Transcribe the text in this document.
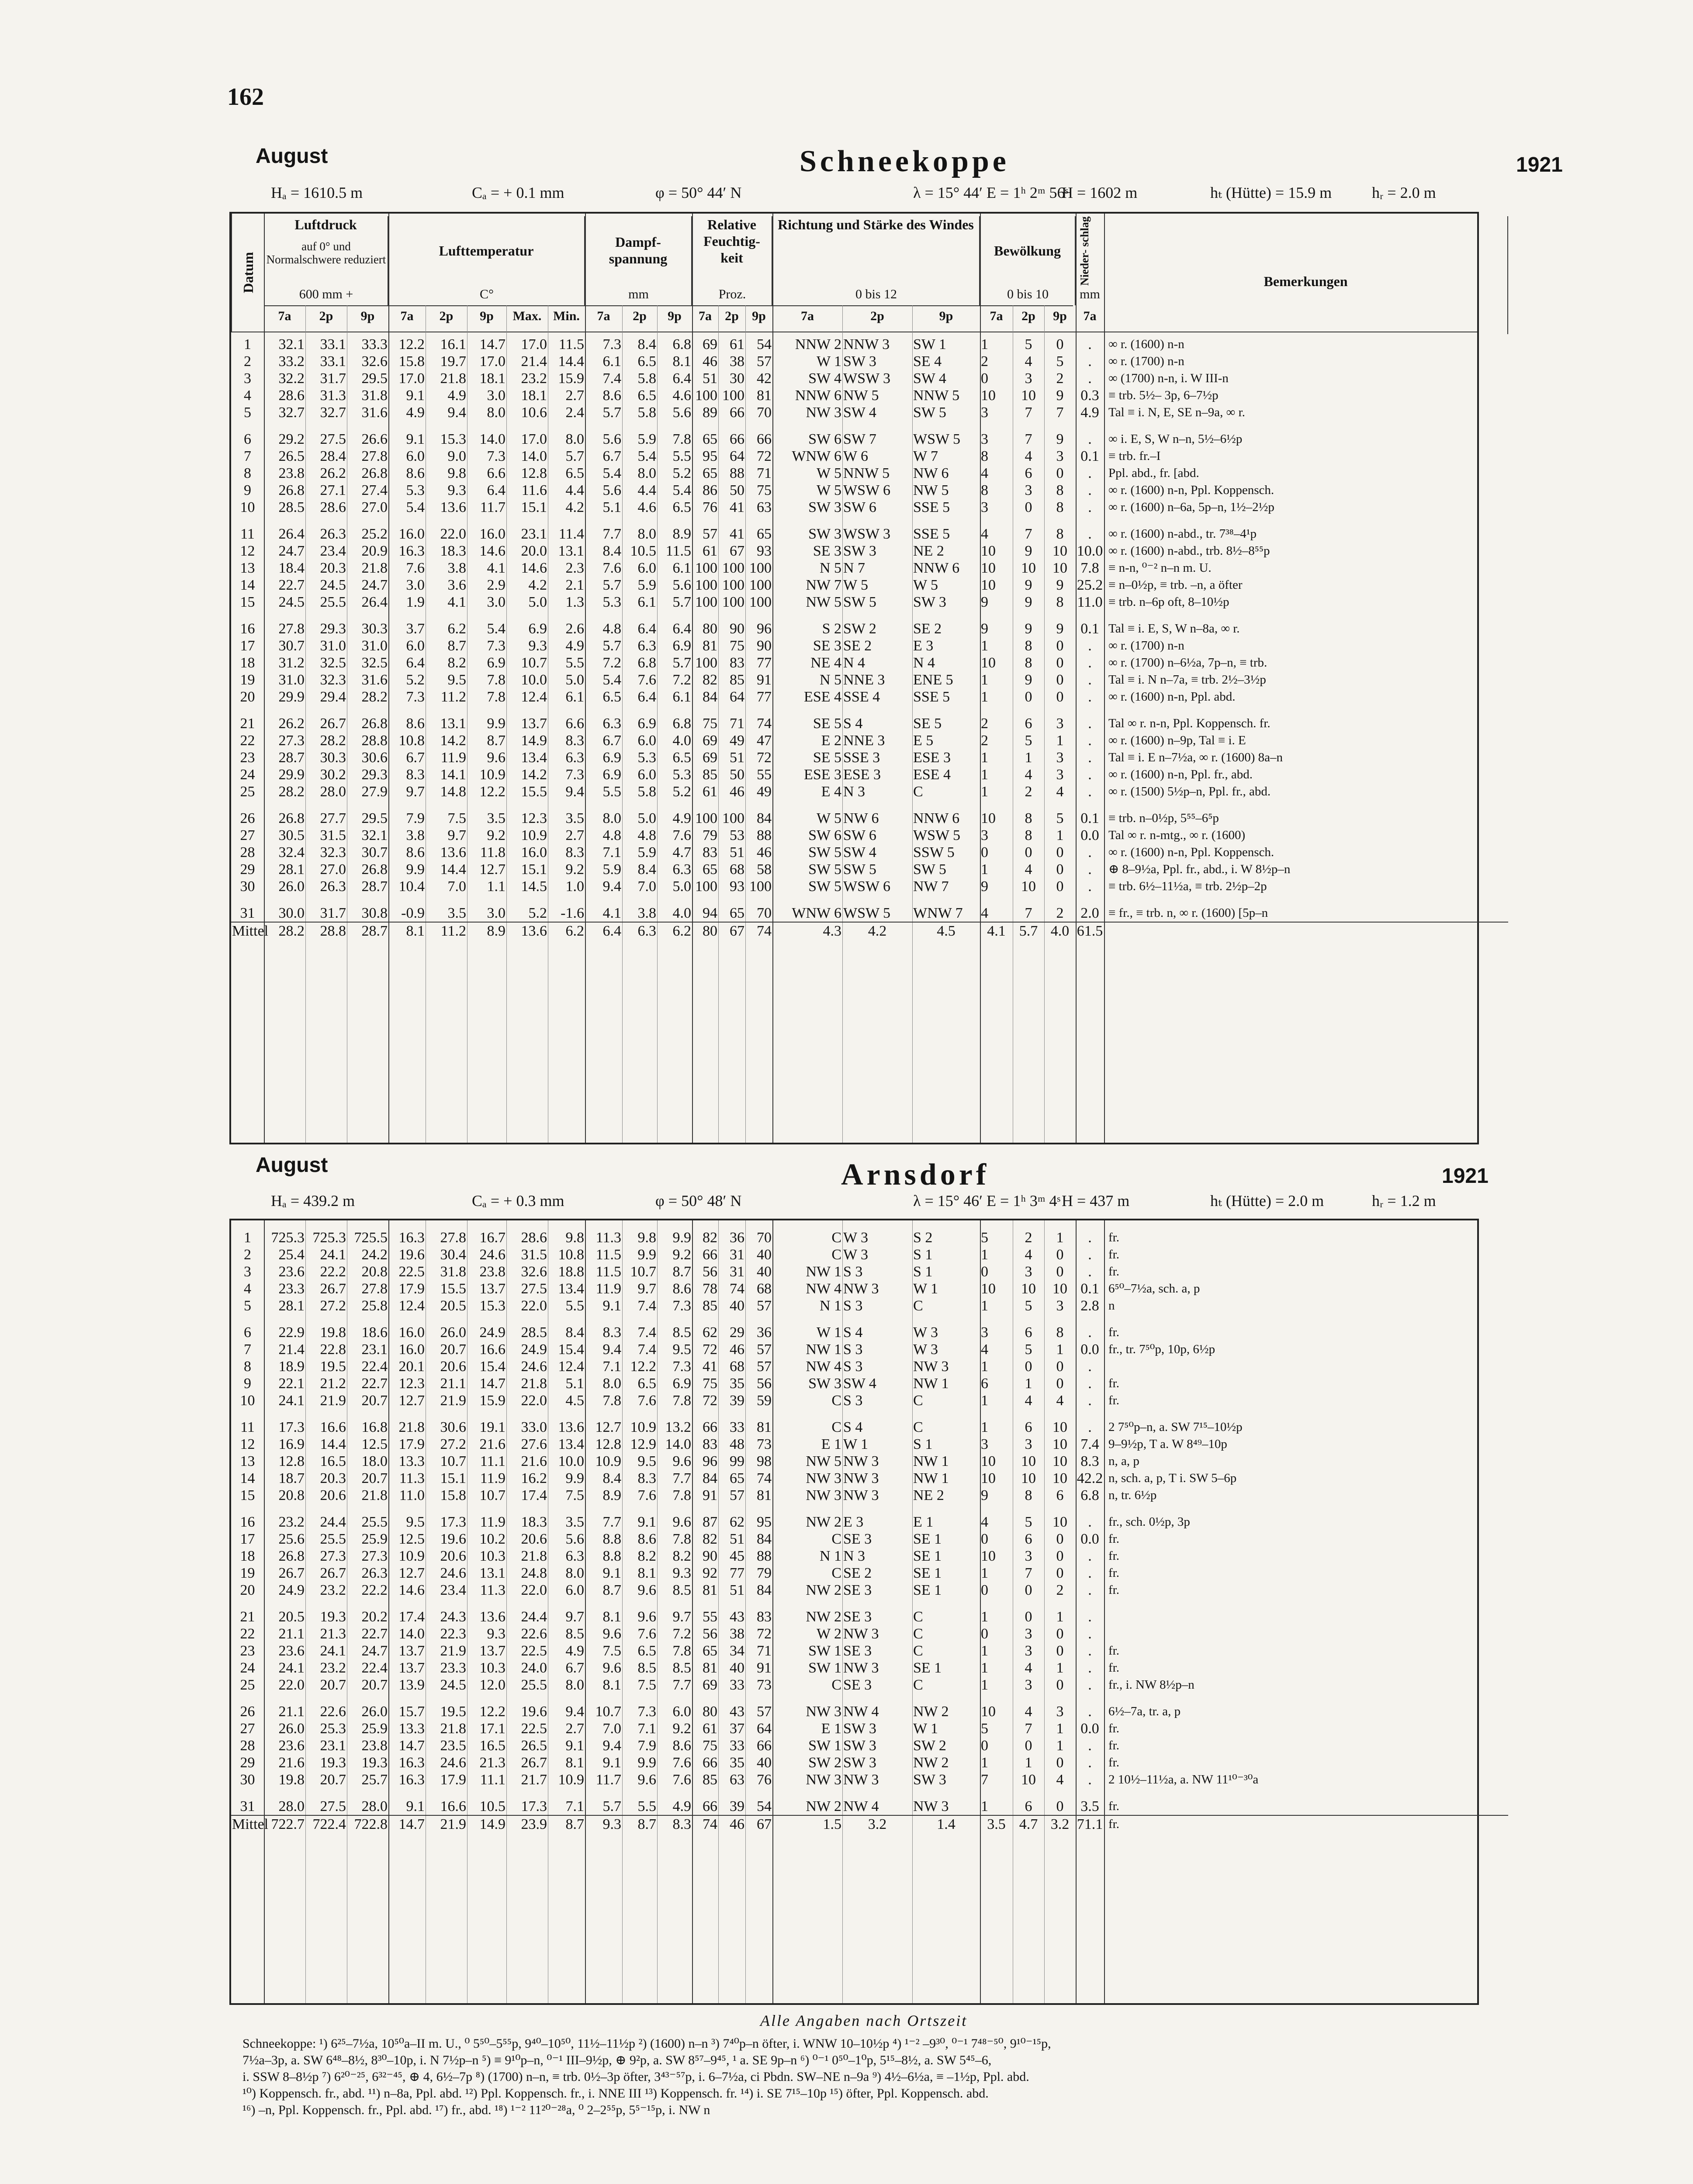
162
August	Schneekoppe	1921
Hₐ = 1610.5 m	Cₐ = + 0.1 mm	φ = 50° 44′ N	λ = 15° 44′ E = 1ʰ 2ᵐ 56ˢ
H = 1602 m	hₜ (Hütte) = 15.9 m	hᵣ = 2.0 m
Datum
Luftdruck
Lufttemperatur
Dampf- spannung
Relative Feuchtig- keit
Richtung und Stärke des Windes
Bewölkung	Nieder- schlag	Bemerkungen
auf 0° und Normalschwere reduziert
600 mm +	C°	mm	Proz.	0 bis 12	0 bis 10	mm
7a	2p	9p	7a	2p	9p	Max. Min.	7a	2p	9p	7a	2p	9p	7a	2p	9p	7a	2p	9p	7a
1	32.1	33.1	33.3	12.2	16.1	14.7	17.0	11.5	7.3	8.4	6.8	69	61	54	NNW 2	NNW 3	SW 1	1	5	0	.	∞ r. (1600) n-n
2	33.2	33.1	32.6	15.8	19.7	17.0	21.4	14.4	6.1	6.5	8.1	46	38	57	W 1	SW 3	SE 4	2	4	5	.	∞ r. (1700) n-n
3	32.2	31.7	29.5	17.0	21.8	18.1	23.2	15.9	7.4	5.8	6.4	51	30	42	SW 4	WSW 3	SW 4	0	3	2	.	∞ (1700) n-n, i. W III-n
4	28.6	31.3	31.8	9.1	4.9	3.0	18.1	2.7	8.6	6.5	4.6	100	100	81	NNW 6	NW 5	NNW 5	10	10	9	0.3	≡ trb. 5½– 3p, 6–7½p
5	32.7	32.7	31.6	4.9	9.4	8.0	10.6	2.4	5.7	5.8	5.6	89	66	70	NW 3	SW 4	SW 5	3	7	7	4.9	Tal ≡ i. N, E, SE n–9a, ∞ r.
6	29.2	27.5	26.6	9.1	15.3	14.0	17.0	8.0	5.6	5.9	7.8	65	66	66	SW 6	SW 7	WSW 5	3	7	9	.	∞ i. E, S, W n–n, 5½–6½p
7	26.5	28.4	27.8	6.0	9.0	7.3	14.0	5.7	6.7	5.4	5.5	95	64	72	WNW 6	W 6	W 7	8	4	3	0.1	≡ trb. fr.–I
8	23.8	26.2	26.8	8.6	9.8	6.6	12.8	6.5	5.4	8.0	5.2	65	88	71	W 5	NNW 5	NW 6	4	6	0	.	Ppl. abd., fr. [abd.
9	26.8	27.1	27.4	5.3	9.3	6.4	11.6	4.4	5.6	4.4	5.4	86	50	75	W 5	WSW 6	NW 5	8	3	8	.	∞ r. (1600) n-n, Ppl. Koppensch.
10	28.5	28.6	27.0	5.4	13.6	11.7	15.1	4.2	5.1	4.6	6.5	76	41	63	SW 3	SW 6	SSE 5	3	0	8	.	∞ r. (1600) n–6a, 5p–n, 1½–2½p
11	26.4	26.3	25.2	16.0	22.0	16.0	23.1	11.4	7.7	8.0	8.9	57	41	65	SW 3	WSW 3	SSE 5	4	7	8	.	∞ r. (1600) n-abd., tr. 7³⁸–4¹p
12	24.7	23.4	20.9	16.3	18.3	14.6	20.0	13.1	8.4	10.5	11.5	61	67	93	SE 3	SW 3	NE 2	10	9	10	10.0	∞ r. (1600) n-abd., trb. 8½–8⁵⁵p
13	18.4	20.3	21.8	7.6	3.8	4.1	14.6	2.3	7.6	6.0	6.1	100	100	100	N 5	N 7	NNW 6	10	10	10	7.8	≡ n-n, ⁰⁻² n–n m. U.
14	22.7	24.5	24.7	3.0	3.6	2.9	4.2	2.1	5.7	5.9	5.6	100	100	100	NW 7	W 5	W 5	10	9	9	25.2	≡ n–0½p, ≡ trb. –n, a öfter
15	24.5	25.5	26.4	1.9	4.1	3.0	5.0	1.3	5.3	6.1	5.7	100	100	100	NW 5	SW 5	SW 3	9	9	8	11.0	≡ trb. n–6p oft, 8–10½p
16	27.8	29.3	30.3	3.7	6.2	5.4	6.9	2.6	4.8	6.4	6.4	80	90	96	S 2	SW 2	SE 2	9	9	9	0.1	Tal ≡ i. E, S, W n–8a, ∞ r.
17	30.7	31.0	31.0	6.0	8.7	7.3	9.3	4.9	5.7	6.3	6.9	81	75	90	SE 3	SE 2	E 3	1	8	0	.	∞ r. (1700) n-n
18	31.2	32.5	32.5	6.4	8.2	6.9	10.7	5.5	7.2	6.8	5.7	100	83	77	NE 4	N 4	N 4	10	8	0	.	∞ r. (1700) n–6½a, 7p–n, ≡ trb.
19	31.0	32.3	31.6	5.2	9.5	7.8	10.0	5.0	5.4	7.6	7.2	82	85	91	N 5	NNE 3	ENE 5	1	9	0	.	Tal ≡ i. N n–7a, ≡ trb. 2½–3½p
20	29.9	29.4	28.2	7.3	11.2	7.8	12.4	6.1	6.5	6.4	6.1	84	64	77	ESE 4	SSE 4	SSE 5	1	0	0	.	∞ r. (1600) n-n, Ppl. abd.
21	26.2	26.7	26.8	8.6	13.1	9.9	13.7	6.6	6.3	6.9	6.8	75	71	74	SE 5	S 4	SE 5	2	6	3	.	Tal ∞ r. n-n, Ppl. Koppensch. fr.
22	27.3	28.2	28.8	10.8	14.2	8.7	14.9	8.3	6.7	6.0	4.0	69	49	47	E 2	NNE 3	E 5	2	5	1	.	∞ r. (1600) n–9p, Tal ≡ i. E
23	28.7	30.3	30.6	6.7	11.9	9.6	13.4	6.3	6.9	5.3	6.5	69	51	72	SE 5	SSE 3	ESE 3	1	1	3	.	Tal ≡ i. E n–7½a, ∞ r. (1600) 8a–n
24	29.9	30.2	29.3	8.3	14.1	10.9	14.2	7.3	6.9	6.0	5.3	85	50	55	ESE 3	ESE 3	ESE 4	1	4	3	.	∞ r. (1600) n-n, Ppl. fr., abd.
25	28.2	28.0	27.9	9.7	14.8	12.2	15.5	9.4	5.5	5.8	5.2	61	46	49	E 4	N 3	C	1	2	4	.	∞ r. (1500) 5½p–n, Ppl. fr., abd.
26	26.8	27.7	29.5	7.9	7.5	3.5	12.3	3.5	8.0	5.0	4.9	100	100	84	W 5	NW 6	NNW 6	10	8	5	0.1	≡ trb. n–0½p, 5⁵⁵–6⁵p
27	30.5	31.5	32.1	3.8	9.7	9.2	10.9	2.7	4.8	4.8	7.6	79	53	88	SW 6	SW 6	WSW 5	3	8	1	0.0	Tal ∞ r. n-mtg., ∞ r. (1600)
28	32.4	32.3	30.7	8.6	13.6	11.8	16.0	8.3	7.1	5.9	4.7	83	51	46	SW 5	SW 4	SSW 5	0	0	0	.	∞ r. (1600) n-n, Ppl. Koppensch.
29	28.1	27.0	26.8	9.9	14.4	12.7	15.1	9.2	5.9	8.4	6.3	65	68	58	SW 5	SW 5	SW 5	1	4	0	.	⊕ 8–9½a, Ppl. fr., abd., i. W 8½p–n
30	26.0	26.3	28.7	10.4	7.0	1.1	14.5	1.0	9.4	7.0	5.0	100	93	100	SW 5	WSW 6	NW 7	9	10	0	.	≡ trb. 6½–11½a, ≡ trb. 2½p–2p
31	30.0	31.7	30.8	-0.9	3.5	3.0	5.2	-1.6	4.1	3.8	4.0	94	65	70	WNW 6	WSW 5	WNW 7	4	7	2	2.0	≡ fr., ≡ trb. n, ∞ r. (1600) [5p–n
Mittel	28.2	28.8	28.7	8.1	11.2	8.9	13.6	6.2	6.4	6.3	6.2	80	67	74	4.3	4.2	4.5	4.1	5.7	4.0	61.5	
August	Arnsdorf	1921
Hₐ = 439.2 m	Cₐ = + 0.3 mm	φ = 50° 48′ N	λ = 15° 46′ E = 1ʰ 3ᵐ 4ˢ H = 437 m	hₜ (Hütte) = 2.0 m	hᵣ = 1.2 m
1	725.3	725.3	725.5	16.3	27.8	16.7	28.6	9.8	11.3	9.8	9.9	82	36	70	C	W 3	S 2	5	2	1	.	fr.
2	25.4	24.1	24.2	19.6	30.4	24.6	31.5	10.8	11.5	9.9	9.2	66	31	40	C	W 3	S 1	1	4	0	.	fr.
3	23.6	22.2	20.8	22.5	31.8	23.8	32.6	18.8	11.5	10.7	8.7	56	31	40	NW 1	S 3	S 1	0	3	0	.	fr.
4	23.3	26.7	27.8	17.9	15.5	13.7	27.5	13.4	11.9	9.7	8.6	78	74	68	NW 4	NW 3	W 1	10	10	10	0.1	6⁵⁰–7½a, sch. a, p
5	28.1	27.2	25.8	12.4	20.5	15.3	22.0	5.5	9.1	7.4	7.3	85	40	57	N 1	S 3	C	1	5	3	2.8	n
6	22.9	19.8	18.6	16.0	26.0	24.9	28.5	8.4	8.3	7.4	8.5	62	29	36	W 1	S 4	W 3	3	6	8	.	fr.
7	21.4	22.8	23.1	16.0	20.7	16.6	24.9	15.4	9.4	7.4	9.5	72	46	57	NW 1	S 3	W 3	4	5	1	0.0	fr., tr. 7⁵⁰p, 10p, 6½p
8	18.9	19.5	22.4	20.1	20.6	15.4	24.6	12.4	7.1	12.2	7.3	41	68	57	NW 4	S 3	NW 3	1	0	0	.	
9	22.1	21.2	22.7	12.3	21.1	14.7	21.8	5.1	8.0	6.5	6.9	75	35	56	SW 3	SW 4	NW 1	6	1	0	.	fr.
10	24.1	21.9	20.7	12.7	21.9	15.9	22.0	4.5	7.8	7.6	7.8	72	39	59	C	S 3	C	1	4	4	.	fr.
11	17.3	16.6	16.8	21.8	30.6	19.1	33.0	13.6	12.7	10.9	13.2	66	33	81	C	S 4	C	1	6	10	.	2 7⁵⁰p–n, a. SW 7¹⁵–10½p
12	16.9	14.4	12.5	17.9	27.2	21.6	27.6	13.4	12.8	12.9	14.0	83	48	73	E 1	W 1	S 1	3	3	10	7.4	9–9½p, T a. W 8⁴⁹–10p
13	12.8	16.5	18.0	13.3	10.7	11.1	21.6	10.0	10.9	9.5	9.6	96	99	98	NW 5	NW 3	NW 1	10	10	10	8.3	n, a, p
14	18.7	20.3	20.7	11.3	15.1	11.9	16.2	9.9	8.4	8.3	7.7	84	65	74	NW 3	NW 3	NW 1	10	10	10	42.2	n, sch. a, p, T i. SW 5–6p
15	20.8	20.6	21.8	11.0	15.8	10.7	17.4	7.5	8.9	7.6	7.8	91	57	81	NW 3	NW 3	NE 2	9	8	6	6.8	n, tr. 6½p
16	23.2	24.4	25.5	9.5	17.3	11.9	18.3	3.5	7.7	9.1	9.6	87	62	95	NW 2	E 3	E 1	4	5	10	.	fr., sch. 0½p, 3p
17	25.6	25.5	25.9	12.5	19.6	10.2	20.6	5.6	8.8	8.6	7.8	82	51	84	C	SE 3	SE 1	0	6	0	0.0	fr.
18	26.8	27.3	27.3	10.9	20.6	10.3	21.8	6.3	8.8	8.2	8.2	90	45	88	N 1	N 3	SE 1	10	3	0	.	fr.
19	26.7	26.7	26.3	12.7	24.6	13.1	24.8	8.0	9.1	8.1	9.3	92	77	79	C	SE 2	SE 1	1	7	0	.	fr.
20	24.9	23.2	22.2	14.6	23.4	11.3	22.0	6.0	8.7	9.6	8.5	81	51	84	NW 2	SE 3	SE 1	0	0	2	.	fr.
21	20.5	19.3	20.2	17.4	24.3	13.6	24.4	9.7	8.1	9.6	9.7	55	43	83	NW 2	SE 3	C	1	0	1	.	
22	21.1	21.3	22.7	14.0	22.3	9.3	22.6	8.5	9.6	7.6	7.2	56	38	72	W 2	NW 3	C	0	3	0	.	
23	23.6	24.1	24.7	13.7	21.9	13.7	22.5	4.9	7.5	6.5	7.8	65	34	71	SW 1	SE 3	C	1	3	0	.	fr.
24	24.1	23.2	22.4	13.7	23.3	10.3	24.0	6.7	9.6	8.5	8.5	81	40	91	SW 1	NW 3	SE 1	1	4	1	.	fr.
25	22.0	20.7	20.7	13.9	24.5	12.0	25.5	8.0	8.1	7.5	7.7	69	33	73	C	SE 3	C	1	3	0	.	fr., i. NW 8½p–n
26	21.1	22.6	26.0	15.7	19.5	12.2	19.6	9.4	10.7	7.3	6.0	80	43	57	NW 3	NW 4	NW 2	10	4	3	.	6½–7a, tr. a, p
27	26.0	25.3	25.9	13.3	21.8	17.1	22.5	2.7	7.0	7.1	9.2	61	37	64	E 1	SW 3	W 1	5	7	1	0.0	fr.
28	23.6	23.1	23.8	14.7	23.5	16.5	26.5	9.1	9.4	7.9	8.6	75	33	66	SW 1	SW 3	SW 2	0	0	1	.	fr.
29	21.6	19.3	19.3	16.3	24.6	21.3	26.7	8.1	9.1	9.9	7.6	66	35	40	SW 2	SW 3	NW 2	1	1	0	.	fr.
30	19.8	20.7	25.7	16.3	17.9	11.1	21.7	10.9	11.7	9.6	7.6	85	63	76	NW 3	NW 3	SW 3	7	10	4	.	2 10½–11½a, a. NW 11¹⁰⁻³⁰a
31	28.0	27.5	28.0	9.1	16.6	10.5	17.3	7.1	5.7	5.5	4.9	66	39	54	NW 2	NW 4	NW 3	1	6	0	3.5	fr.
Mittel	722.7	722.4	722.8	14.7	21.9	14.9	23.9	8.7	9.3	8.7	8.3	74	46	67	1.5	3.2	1.4	3.5	4.7	3.2	71.1	fr.
Alle Angaben nach Ortszeit
Schneekoppe: ¹) 6²⁵–7½a, 10⁵⁰a–II m. U., ⁰ 5⁵⁰–5⁵⁵p, 9⁴⁰–10⁵⁰, 11½–11½p ²) (1600) n–n ³) 7⁴⁰p–n öfter, i. WNW 10–10½p ⁴) ¹⁻² –9³⁰, ⁰⁻¹ 7⁴⁸⁻⁵⁰, 9¹⁰⁻¹⁵p,
7½a–3p, a. SW 6⁴⁸–8½, 8³⁰–10p, i. N 7½p–n ⁵) ≡ 9¹⁰p–n, ⁰⁻¹ III–9½p, ⊕ 9²p, a. SW 8⁵⁷–9⁴⁵, ¹ a. SE 9p–n ⁶) ⁰⁻¹ 0⁵⁰–1⁰p, 5¹⁵–8½, a. SW 5⁴⁵–6,
i. SSW 8–8½p ⁷) 6²⁰⁻²⁵, 6³²⁻⁴⁵, ⊕ 4, 6½–7p ⁸) (1700) n–n, ≡ trb. 0½–3p öfter, 3⁴³⁻⁵⁷p, i. 6–7½a, ci Pbdn. SW–NE n–9a ⁹) 4½–6½a, ≡ –1½p, Ppl. abd.
¹⁰) Koppensch. fr., abd. ¹¹) n–8a, Ppl. abd. ¹²) Ppl. Koppensch. fr., i. NNE III ¹³) Koppensch. fr. ¹⁴) i. SE 7¹⁵–10p ¹⁵) öfter, Ppl. Koppensch. abd.
¹⁶) –n, Ppl. Koppensch. fr., Ppl. abd. ¹⁷) fr., abd. ¹⁸) ¹⁻² 11²⁰⁻²⁸a, ⁰ 2–2⁵⁵p, 5⁵⁻¹⁵p, i. NW n
